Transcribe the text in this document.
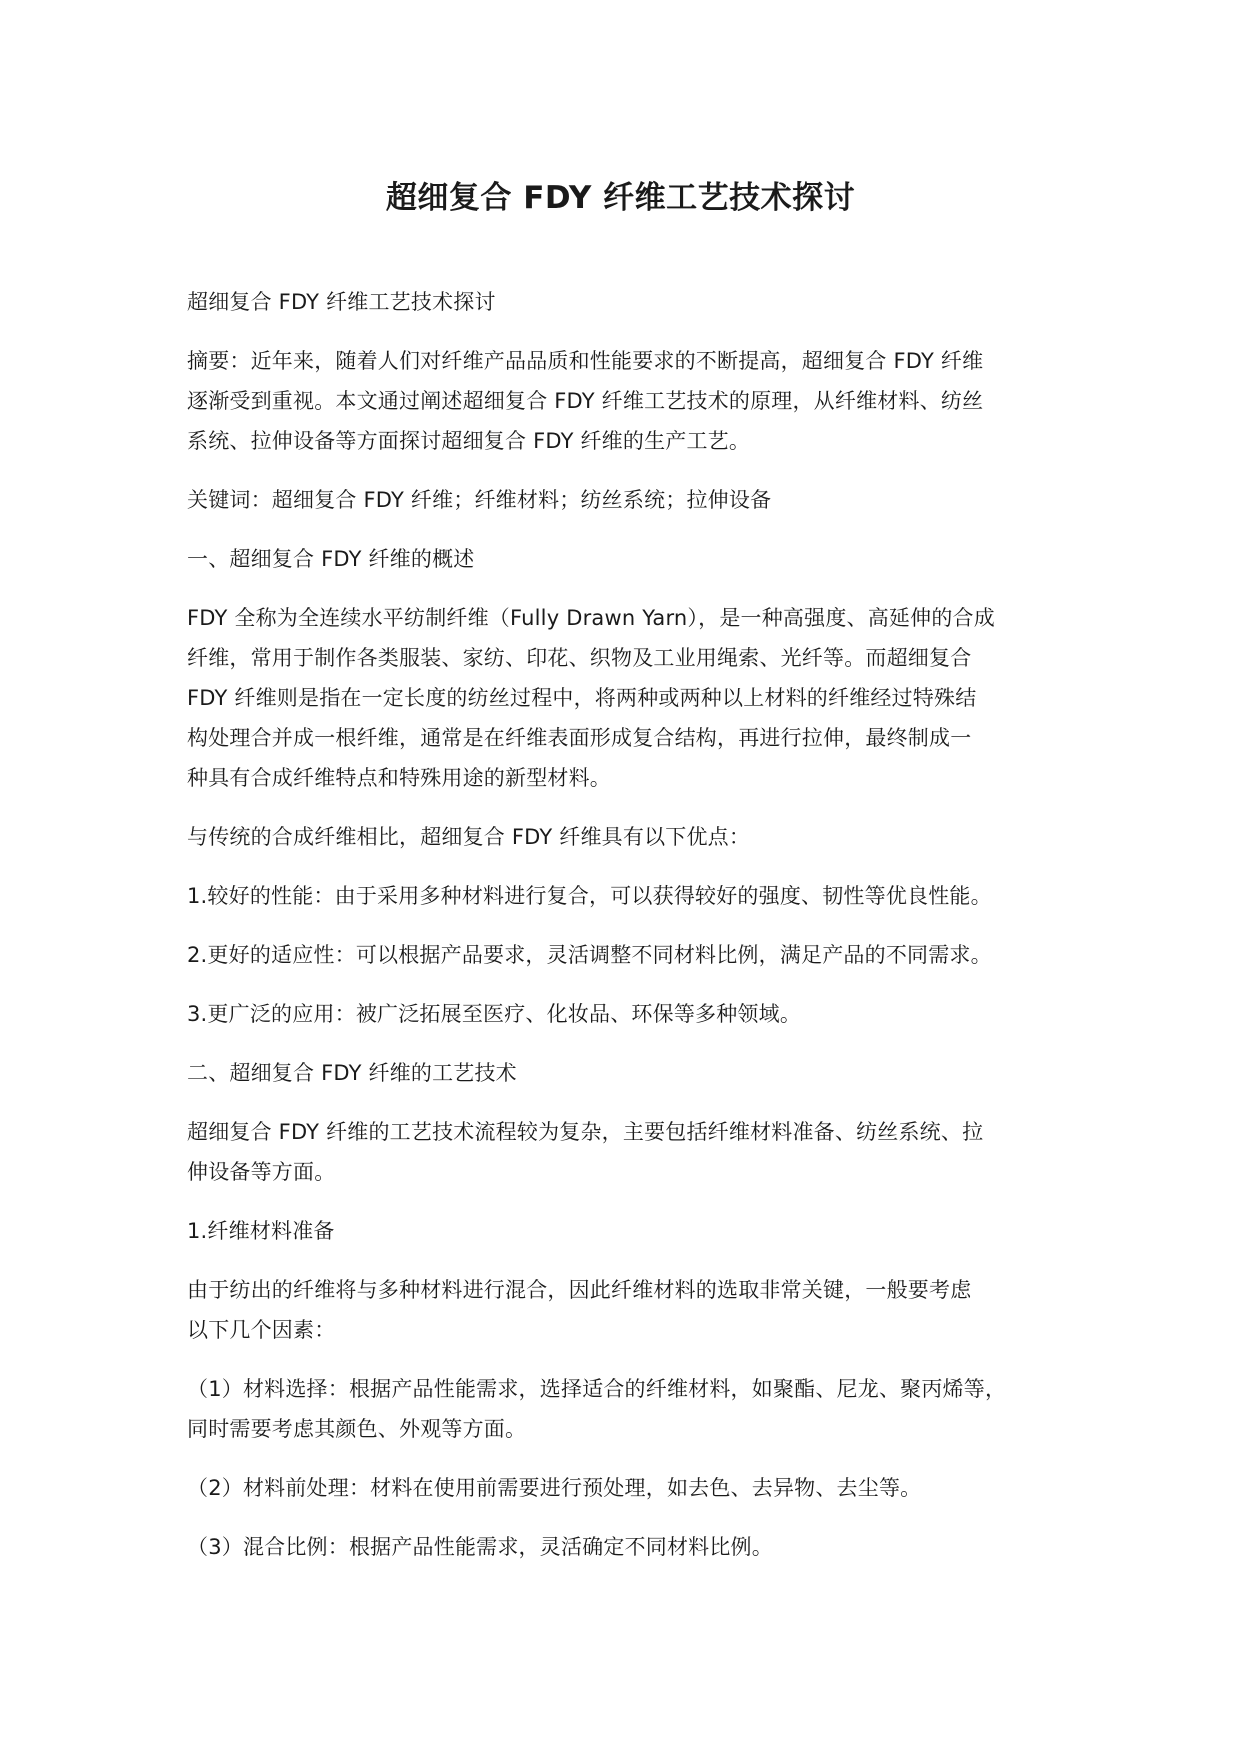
超细复合 FDY 纤维工艺技术探讨

超细复合 FDY 纤维工艺技术探讨

摘要：近年来，随着人们对纤维产品品质和性能要求的不断提高，超细复合 FDY 纤维
逐渐受到重视。本文通过阐述超细复合 FDY 纤维工艺技术的原理，从纤维材料、纺丝
系统、拉伸设备等方面探讨超细复合 FDY 纤维的生产工艺。

关键词：超细复合 FDY 纤维；纤维材料；纺丝系统；拉伸设备

一、超细复合 FDY 纤维的概述

FDY 全称为全连续水平纺制纤维（Fully Drawn Yarn），是一种高强度、高延伸的合成
纤维，常用于制作各类服装、家纺、印花、织物及工业用绳索、光纤等。而超细复合
FDY 纤维则是指在一定长度的纺丝过程中，将两种或两种以上材料的纤维经过特殊结
构处理合并成一根纤维，通常是在纤维表面形成复合结构，再进行拉伸，最终制成一
种具有合成纤维特点和特殊用途的新型材料。

与传统的合成纤维相比，超细复合 FDY 纤维具有以下优点：

1.较好的性能：由于采用多种材料进行复合，可以获得较好的强度、韧性等优良性能。

2.更好的适应性：可以根据产品要求，灵活调整不同材料比例，满足产品的不同需求。

3.更广泛的应用：被广泛拓展至医疗、化妆品、环保等多种领域。

二、超细复合 FDY 纤维的工艺技术

超细复合 FDY 纤维的工艺技术流程较为复杂，主要包括纤维材料准备、纺丝系统、拉
伸设备等方面。

1.纤维材料准备

由于纺出的纤维将与多种材料进行混合，因此纤维材料的选取非常关键，一般要考虑
以下几个因素：

（1）材料选择：根据产品性能需求，选择适合的纤维材料，如聚酯、尼龙、聚丙烯等，
同时需要考虑其颜色、外观等方面。

（2）材料前处理：材料在使用前需要进行预处理，如去色、去异物、去尘等。

（3）混合比例：根据产品性能需求，灵活确定不同材料比例。
